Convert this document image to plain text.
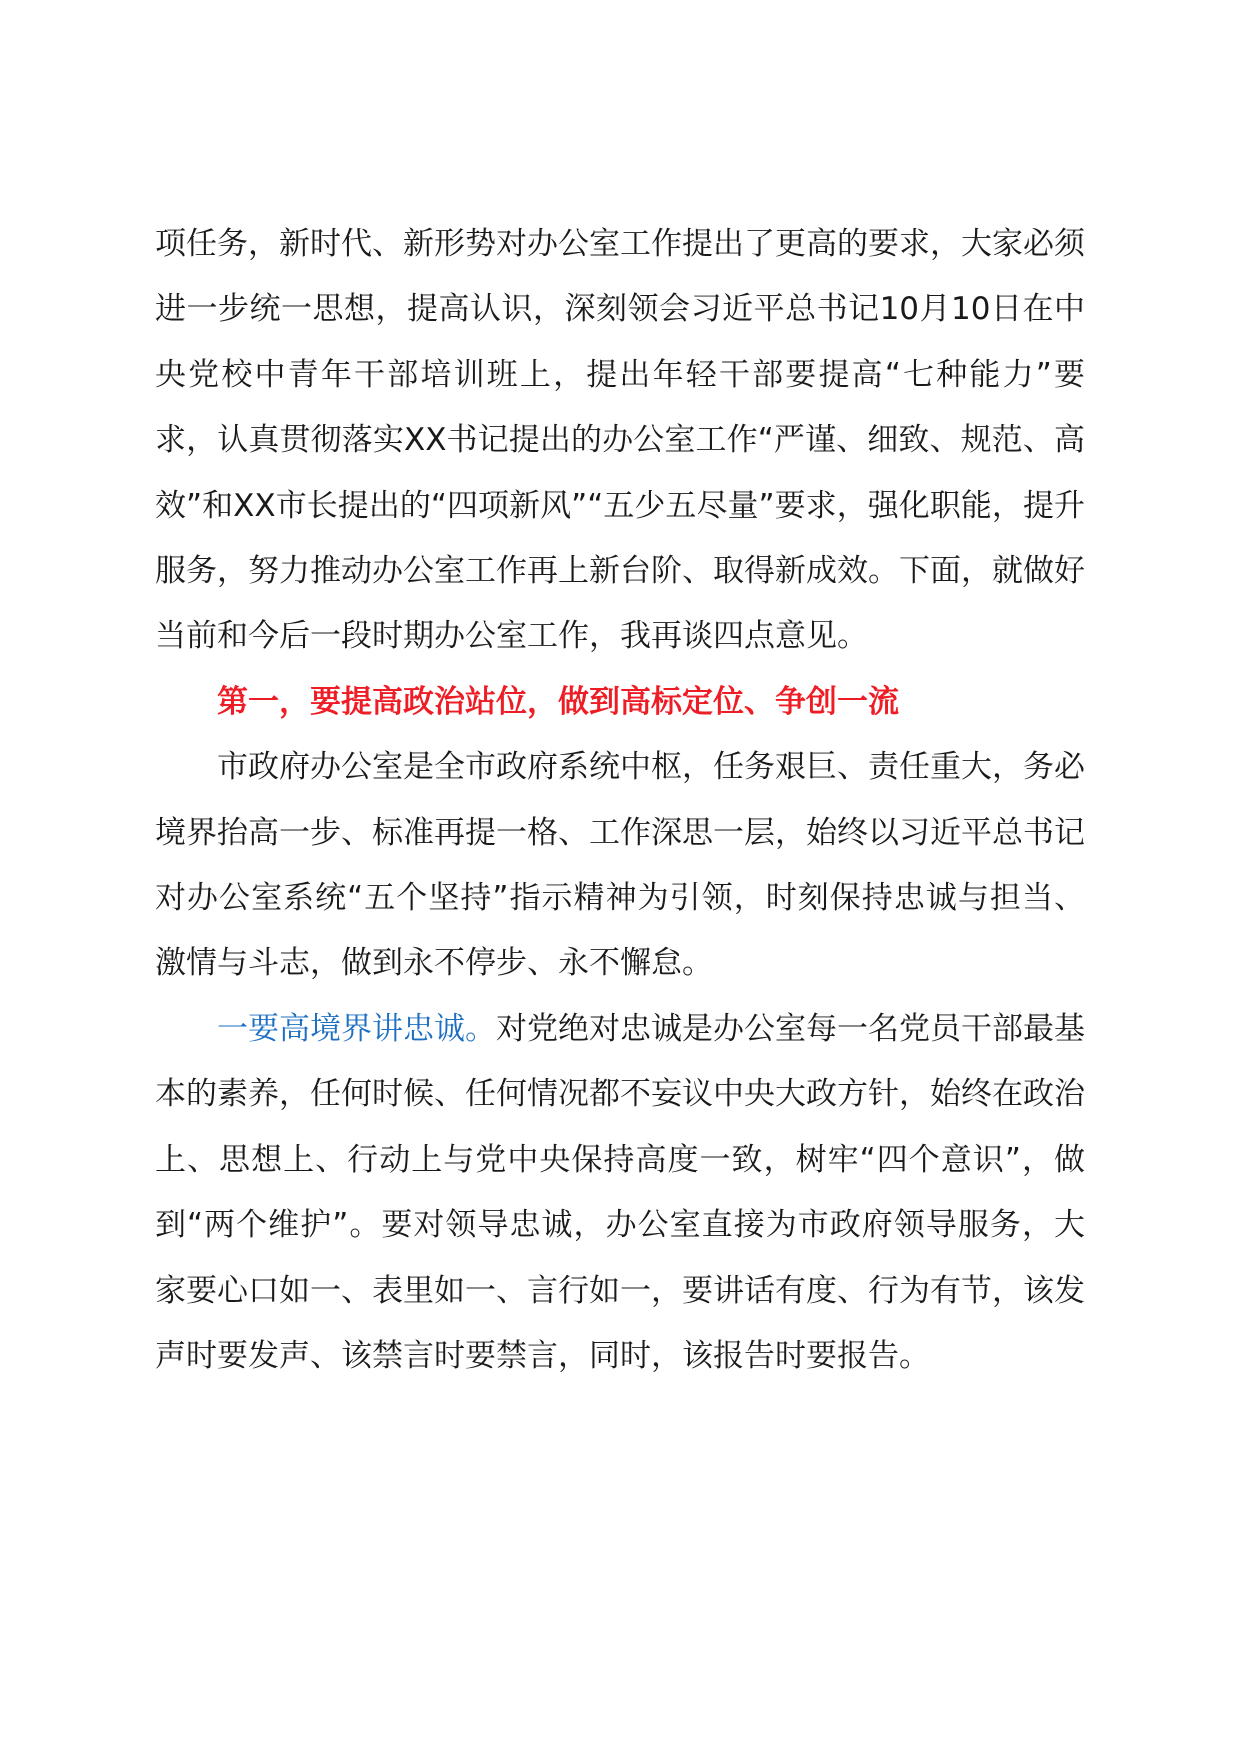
项任务，新时代、新形势对办公室工作提出了更高的要求，大家必须进一步统一思想，提高认识，深刻领会习近平总书记10月10日在中央党校中青年干部培训班上，提出年轻干部要提高“七种能力”要求，认真贯彻落实XX书记提出的办公室工作“严谨、细致、规范、高效”和XX市长提出的“四项新风”“五少五尽量”要求，强化职能，提升服务，努力推动办公室工作再上新台阶、取得新成效。下面，就做好当前和今后一段时期办公室工作，我再谈四点意见。

第一，要提高政治站位，做到高标定位、争创一流

市政府办公室是全市政府系统中枢，任务艰巨、责任重大，务必境界抬高一步、标准再提一格、工作深思一层，始终以习近平总书记对办公室系统“五个坚持”指示精神为引领，时刻保持忠诚与担当、激情与斗志，做到永不停步、永不懈怠。

一要高境界讲忠诚。对党绝对忠诚是办公室每一名党员干部最基本的素养，任何时候、任何情况都不妄议中央大政方针，始终在政治上、思想上、行动上与党中央保持高度一致，树牢“四个意识”，做到“两个维护”。要对领导忠诚，办公室直接为市政府领导服务，大家要心口如一、表里如一、言行如一，要讲话有度、行为有节，该发声时要发声、该禁言时要禁言，同时，该报告时要报告。
